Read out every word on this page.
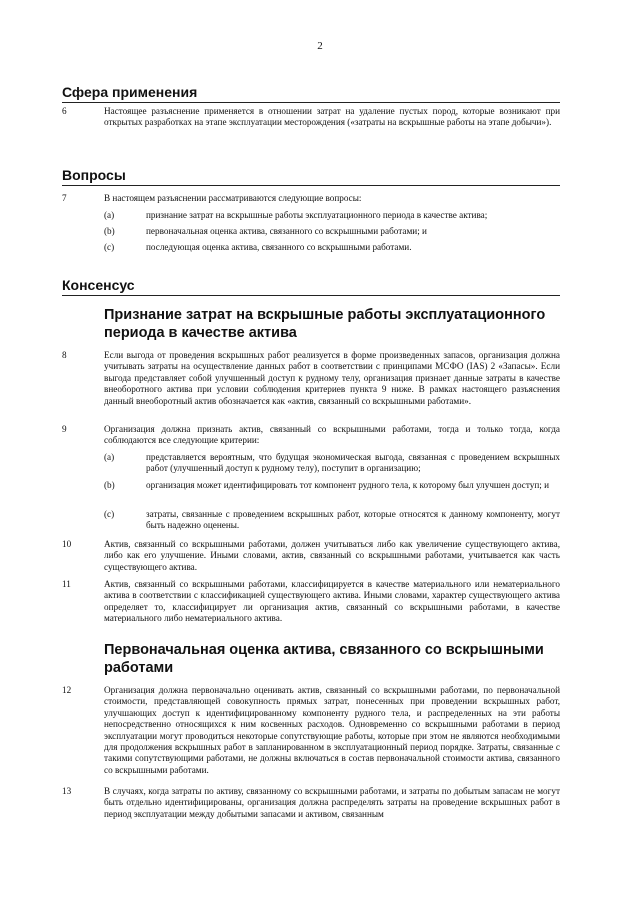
2
Сфера применения
6	Настоящее разъяснение применяется в отношении затрат на удаление пустых пород, которые возникают при открытых разработках на этапе эксплуатации месторождения («затраты на вскрышные работы на этапе добычи»).
Вопросы
7	В настоящем разъяснении рассматриваются следующие вопросы:
(a)	признание затрат на вскрышные работы эксплуатационного периода в качестве актива;
(b)	первоначальная оценка актива, связанного со вскрышными работами; и
(c)	последующая оценка актива, связанного со вскрышными работами.
Консенсус
Признание затрат на вскрышные работы эксплуатационного периода в качестве актива
8	Если выгода от проведения вскрышных работ реализуется в форме произведенных запасов, организация должна учитывать затраты на осуществление данных работ в соответствии с принципами МСФО (IAS) 2 «Запасы». Если выгода представляет собой улучшенный доступ к рудному телу, организация признает данные затраты в качестве внеоборотного актива при условии соблюдения критериев пункта 9 ниже. В рамках настоящего разъяснения данный внеоборотный актив обозначается как «актив, связанный со вскрышными работами».
9	Организация должна признать актив, связанный со вскрышными работами, тогда и только тогда, когда соблюдаются все следующие критерии:
(a)	представляется вероятным, что будущая экономическая выгода, связанная с проведением вскрышных работ (улучшенный доступ к рудному телу), поступит в организацию;
(b)	организация может идентифицировать тот компонент рудного тела, к которому был улучшен доступ; и
(c)	затраты, связанные с проведением вскрышных работ, которые относятся к данному компоненту, могут быть надежно оценены.
10	Актив, связанный со вскрышными работами, должен учитываться либо как увеличение существующего актива, либо как его улучшение. Иными словами, актив, связанный со вскрышными работами, учитывается как часть существующего актива.
11	Актив, связанный со вскрышными работами, классифицируется в качестве материального или нематериального актива в соответствии с классификацией существующего актива. Иными словами, характер существующего актива определяет то, классифицирует ли организация актив, связанный со вскрышными работами, в качестве материального либо нематериального актива.
Первоначальная оценка актива, связанного со вскрышными работами
12	Организация должна первоначально оценивать актив, связанный со вскрышными работами, по первоначальной стоимости, представляющей совокупность прямых затрат, понесенных при проведении вскрышных работ, улучшающих доступ к идентифицированному компоненту рудного тела, и распределенных на эти работы непосредственно относящихся к ним косвенных расходов. Одновременно со вскрышными работами в период эксплуатации могут проводиться некоторые сопутствующие работы, которые при этом не являются необходимыми для продолжения вскрышных работ в запланированном в эксплуатационный период порядке. Затраты, связанные с такими сопутствующими работами, не должны включаться в состав первоначальной стоимости актива, связанного со вскрышными работами.
13	В случаях, когда затраты по активу, связанному со вскрышными работами, и затраты по добытым запасам не могут быть отдельно идентифицированы, организация должна распределять затраты на проведение вскрышных работ в период эксплуатации между добытыми запасами и активом, связанным
